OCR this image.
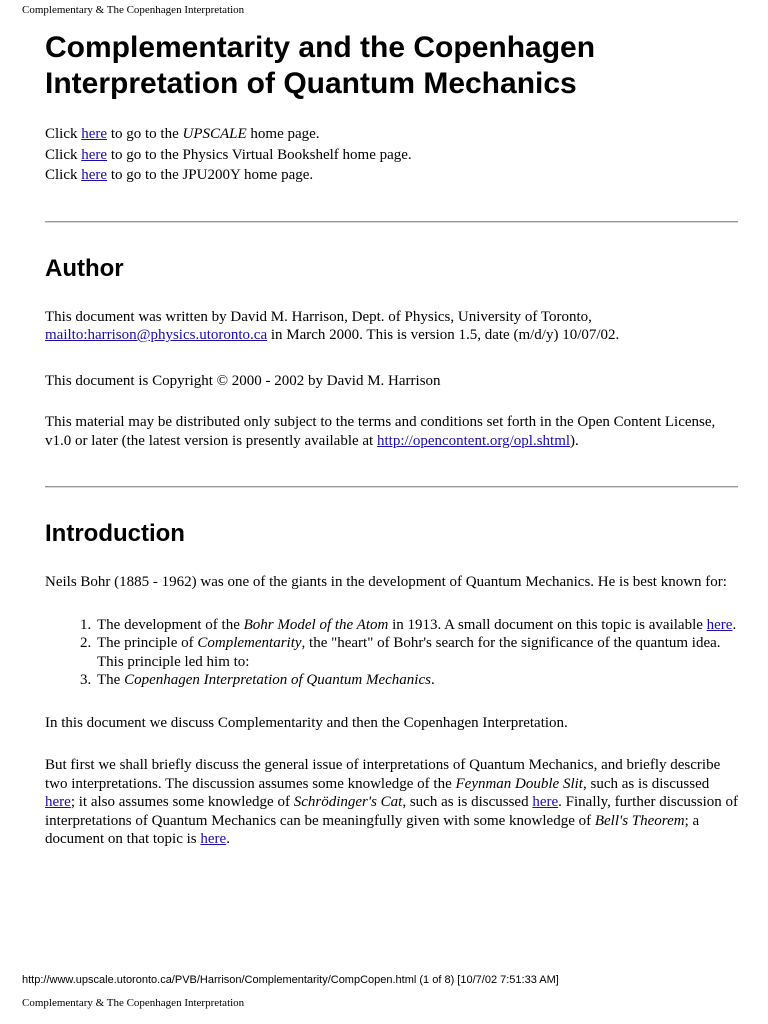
Complementary & The Copenhagen Interpretation
Complementarity and the Copenhagen
Interpretation of Quantum Mechanics

Click here to go to the UPSCALE home page.

Click here to go to the Physics Virtual Bookshelf home page.

Click here to go to the JPU200Y home page.

Author

This document was written by David M. Harrison, Dept. of Physics, University of Toronto,
mailto:harrison@physics.utoronto.ca in March 2000. This is version 1.5, date (m/d/y) 10/07/02.

This document is Copyright © 2000 - 2002 by David M. Harrison

This material may be distributed only subject to the terms and conditions set forth in the Open Content License, v1.0 or later (the latest version is presently available at http://opencontent.org/opl.shtml).

Introduction

Neils Bohr (1885 - 1962) was one of the giants in the development of Quantum Mechanics. He is best known for:

1. The development of the Bohr Model of the Atom in 1913. A small document on this topic is available here.
2. The principle of Complementarity, the "heart" of Bohr's search for the significance of the quantum idea. This principle led him to:
3. The Copenhagen Interpretation of Quantum Mechanics.

In this document we discuss Complementarity and then the Copenhagen Interpretation.

But first we shall briefly discuss the general issue of interpretations of Quantum Mechanics, and briefly describe two interpretations. The discussion assumes some knowledge of the Feynman Double Slit, such as is discussed here; it also assumes some knowledge of Schrödinger's Cat, such as is discussed here. Finally, further discussion of interpretations of Quantum Mechanics can be meaningfully given with some knowledge of Bell's Theorem; a document on that topic is here.

http://www.upscale.utoronto.ca/PVB/Harrison/Complementarity/CompCopen.html (1 of 8) [10/7/02 7:51:33 AM]
Complementary & The Copenhagen Interpretation
